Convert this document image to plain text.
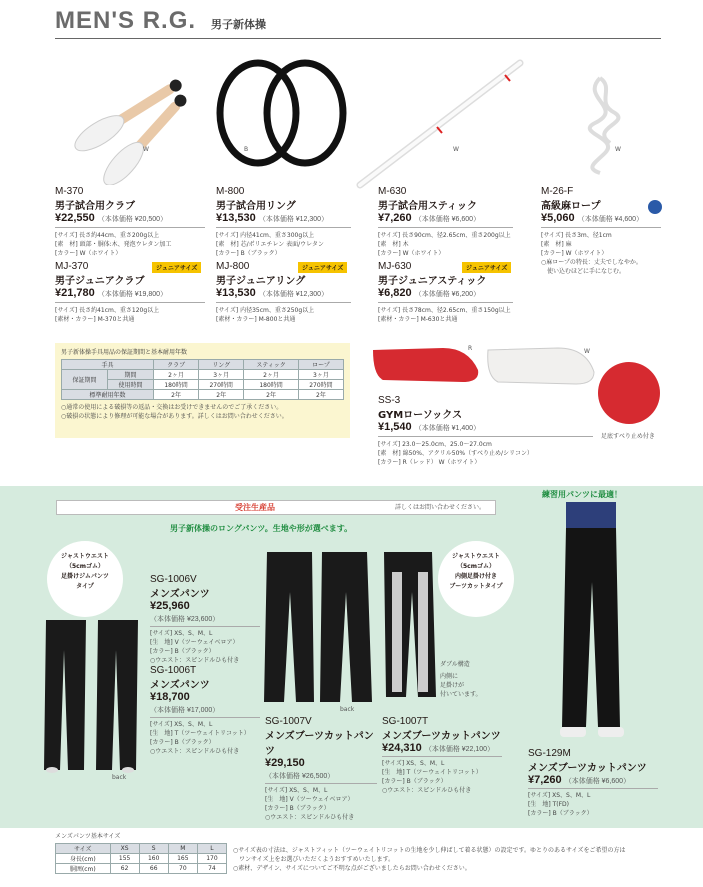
MEN'S R.G. 男子新体操
W	B	W	W
M-370
男子試合用クラブ
¥22,550 （本体価格 ¥20,500）
[サイズ] 長さ約44cm、重さ200g以上
[素　材] 頭部・胴体:木、発泡ウレタン加工
[カラー] W（ホワイト）
ジュニアサイズ
MJ-370
男子ジュニアクラブ
¥21,780 （本体価格 ¥19,800）
[サイズ] 長さ約41cm、重さ120g以上
[素材・カラー] M-370と共通
M-800
男子試合用リング
¥13,530 （本体価格 ¥12,300）
[サイズ] 内径41cm、重さ300g以上
[素　材] 芯/ポリエチレン 表面/ウレタン
[カラー] B（ブラック）
ジュニアサイズ
MJ-800
男子ジュニアリング
¥13,530 （本体価格 ¥12,300）
[サイズ] 内径35cm、重さ250g以上
[素材・カラー] M-800と共通
M-630
男子試合用スティック
¥7,260 （本体価格 ¥6,600）
[サイズ] 長さ90cm、径2.65cm、重さ200g以上
[素　材] 木
[カラー] W（ホワイト）
ジュニアサイズ
MJ-630
男子ジュニアスティック
¥6,820 （本体価格 ¥6,200）
[サイズ] 長さ78cm、径2.65cm、重さ150g以上
[素材・カラー] M-630と共通
M-26-F
高級麻ロープ
¥5,060 （本体価格 ¥4,600）
[サイズ] 長さ3m、径1cm
[素　材] 麻
[カラー] W（ホワイト）
○麻ロープの特長：丈夫でしなやか。
　使い込むほどに手になじむ。
男子新体操手具用品の保証期間と基本耐用年数
手具		クラブ	リング	スティック	ロープ
保証期間	期間	2ヶ月	3ヶ月	2ヶ月	3ヶ月
	使用時間	180時間	270時間	180時間	270時間
標準耐用年数		2年	2年	2年	2年
○通常の使用による破損等の返品・交換はお受けできませんのでご了承ください。
○破損の状態により修理が可能な場合があります。詳しくはお問い合わせください。
R	W
足底すべり止め付き
SS-3
GYMローソックス
¥1,540 （本体価格 ¥1,400）
[サイズ] 23.0〜25.0cm、25.0〜27.0cm
[素　材] 綿50%、アクリル50%（すべり止め/シリコン）
[カラー] R（レッド） W（ホワイト）
受注生産品	詳しくはお問い合わせください。
男子新体操のロングパンツ。生地や形が選べます。
練習用パンツに最適！
ジャストウエスト
（5cmゴム）
足掛けジムパンツ
タイプ
ジャストウエスト
（5cmゴム）
内側足掛け付き
ブーツカットタイプ
back
back
ダブル構造
内側に
足掛けが
付いています。
SG-1006V
メンズパンツ
¥25,960 （本体価格 ¥23,600）
[サイズ] XS、S、M、L
[生　地] V（ツーウェイベロア）
[カラー] B（ブラック）
○ウエスト：スピンドルひも付き
SG-1006T
メンズパンツ
¥18,700 （本体価格 ¥17,000）
[サイズ] XS、S、M、L
[生　地] T（ツーウェイトリコット）
[カラー] B（ブラック）
○ウエスト：スピンドルひも付き
SG-1007V
メンズブーツカットパンツ
¥29,150 （本体価格 ¥26,500）
[サイズ] XS、S、M、L
[生　地] V（ツーウェイベロア）
[カラー] B（ブラック）
○ウエスト：スピンドルひも付き
SG-1007T
メンズブーツカットパンツ
¥24,310 （本体価格 ¥22,100）
[サイズ] XS、S、M、L
[生　地] T（ツーウェイトリコット）
[カラー] B（ブラック）
○ウエスト：スピンドルひも付き
SG-129M
メンズブーツカットパンツ
¥7,260 （本体価格 ¥6,600）
[サイズ] XS、S、M、L
[生　地] T(FD)
[カラー] B（ブラック）
メンズパンツ基本サイズ
サイズ	XS	S	M	L
身長(cm)	155	160	165	170
胴囲(cm)	62	66	70	74
○サイズ表の寸法は、ジャストフィット（ツーウェイトリコットの生地を少し伸ばして着る状態）の設定です。ゆとりのあるサイズをご希望の方は
　ワンサイズ上をお選びいただくようおすすめいたします。
○素材、デザイン、サイズについてご不明な点がございましたらお問い合わせください。
